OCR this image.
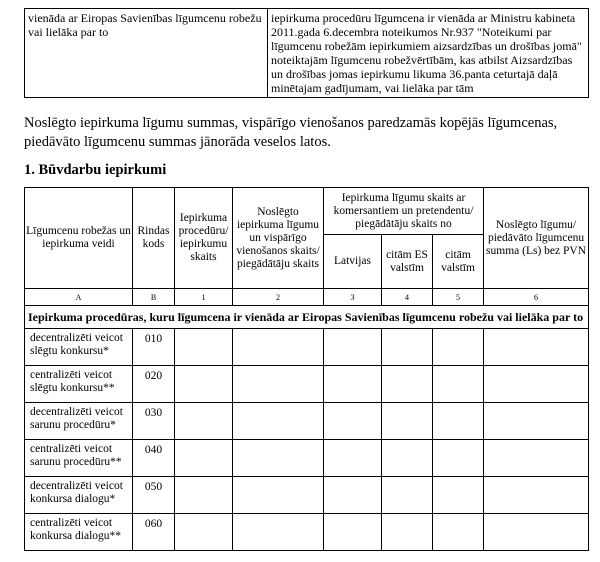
vienāda ar Eiropas Savienības līgumcenu robežu vai lielāka par to	iepirkuma procedūru līgumcena ir vienāda ar Ministru kabineta 2011.gada 6.decembra noteikumos Nr.937 "Noteikumi par līgumcenu robežām iepirkumiem aizsardzības un drošības jomā" noteiktajām līgumcenu robežvērtībām, kas atbilst Aizsardzības un drošības jomas iepirkumu likuma 36.panta ceturtajā daļā minētajam gadījumam, vai lielāka par tām
Noslēgto iepirkuma līgumu summas, vispārīgo vienošanos paredzamās kopējās līgumcenas, piedāvāto līgumcenu summas jānorāda veselos latos.
1. Būvdarbu iepirkumi
Līgumcenu robežas un iepirkuma veidi	Rindas kods	Iepirkuma procedūru/ iepirkumu skaits	Noslēgto iepirkuma līgumu un vispārīgo vienošanos skaits/ piegādātāju skaits	Iepirkuma līgumu skaits ar komersantiem un pretendentu/ piegādātāju skaits no			Noslēgto līgumu/ piedāvāto līgumcenu summa (Ls) bez PVN
				Latvijas	citām ES valstīm	citām valstīm	
A	B	1	2	3	4	5	6
Iepirkuma procedūras, kuru līgumcena ir vienāda ar Eiropas Savienības līgumcenu robežu vai lielāka par to							
decentralizēti veicot slēgtu konkursu*	010						
centralizēti veicot slēgtu konkursu**	020						
decentralizēti veicot sarunu procedūru*	030						
centralizēti veicot sarunu procedūru**	040						
decentralizēti veicot konkursa dialogu*	050						
centralizēti veicot konkursa dialogu**	060						
